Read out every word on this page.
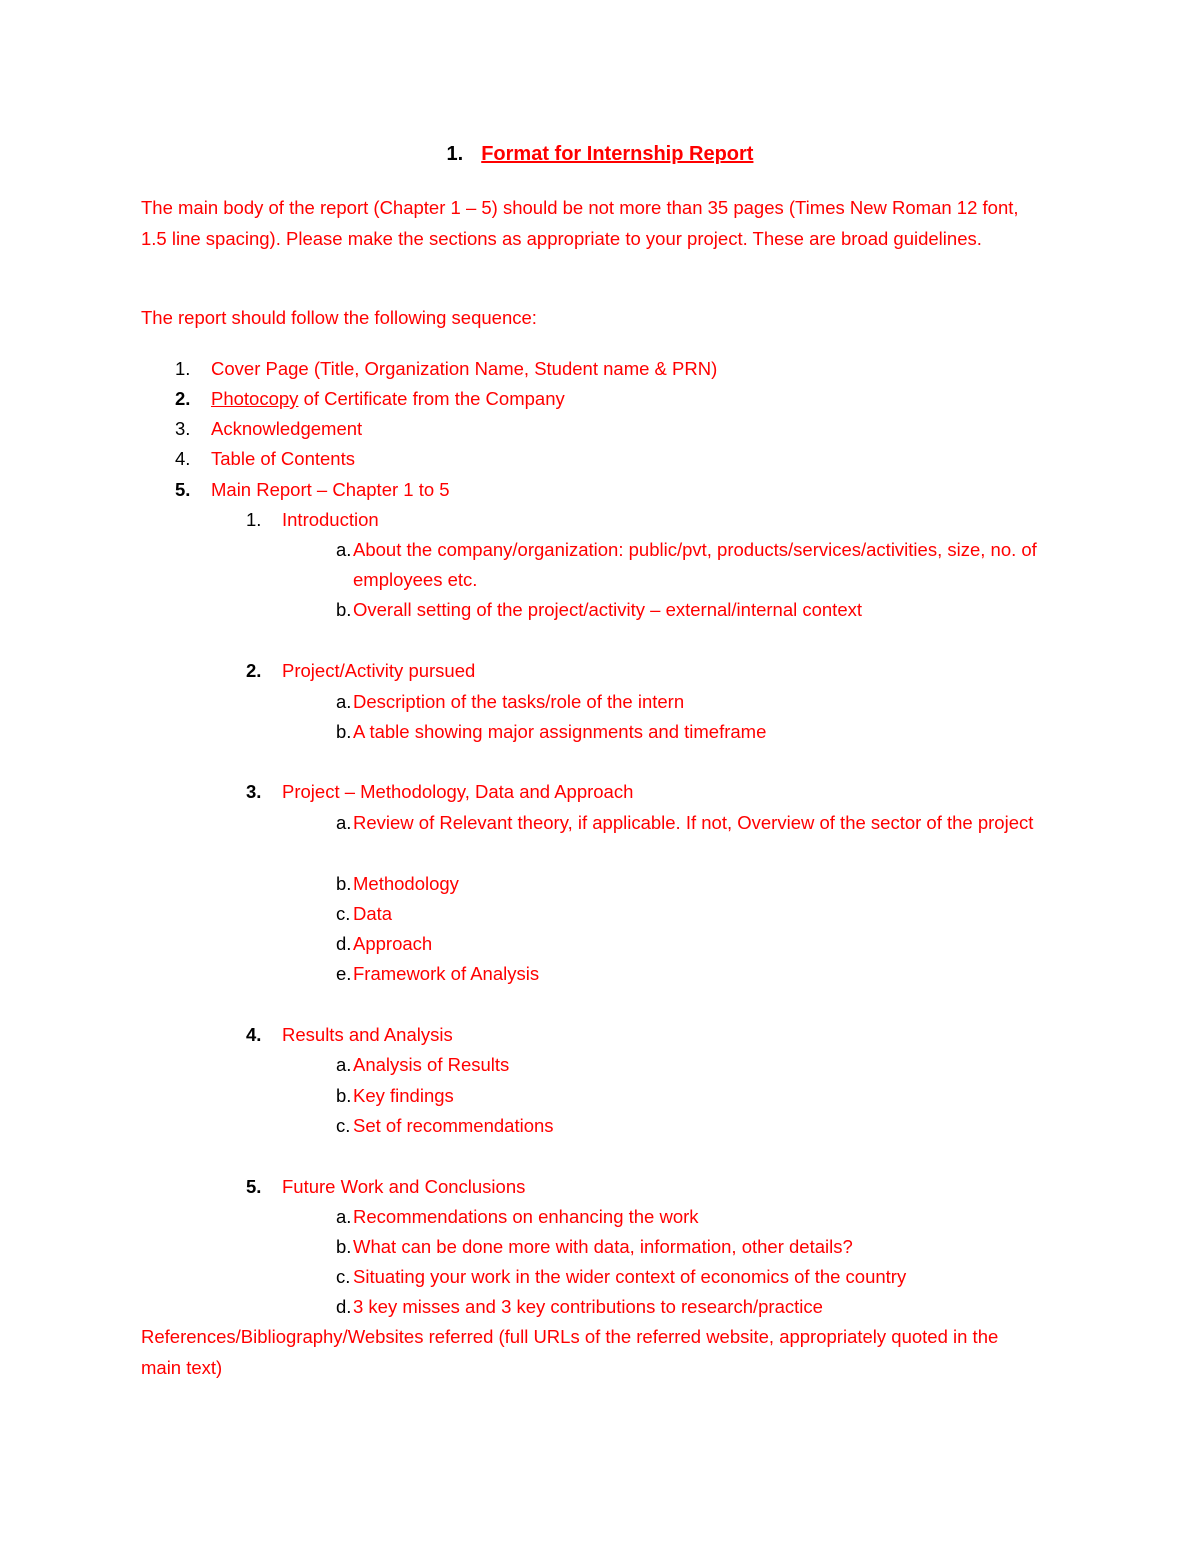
1. Format for Internship Report
The main body of the report (Chapter 1 – 5) should be not more than 35 pages (Times New Roman 12 font, 1.5 line spacing). Please make the sections as appropriate to your project. These are broad guidelines.
The report should follow the following sequence:
1. Cover Page (Title, Organization Name, Student name & PRN)
2. Photocopy of Certificate from the Company
3. Acknowledgement
4. Table of Contents
5. Main Report – Chapter 1 to 5
1. Introduction
a. About the company/organization: public/pvt, products/services/activities, size, no. of employees etc.
b. Overall setting of the project/activity – external/internal context
2. Project/Activity pursued
a. Description of the tasks/role of the intern
b. A table showing major assignments and timeframe
3. Project – Methodology, Data and Approach
a. Review of Relevant theory, if applicable. If not, Overview of the sector of the project
b. Methodology
c. Data
d. Approach
e. Framework of Analysis
4. Results and Analysis
a. Analysis of Results
b. Key findings
c. Set of recommendations
5. Future Work and Conclusions
a. Recommendations on enhancing the work
b. What can be done more with data, information, other details?
c. Situating your work in the wider context of economics of the country
d. 3 key misses and 3 key contributions to research/practice
References/Bibliography/Websites referred (full URLs of the referred website, appropriately quoted in the main text)
